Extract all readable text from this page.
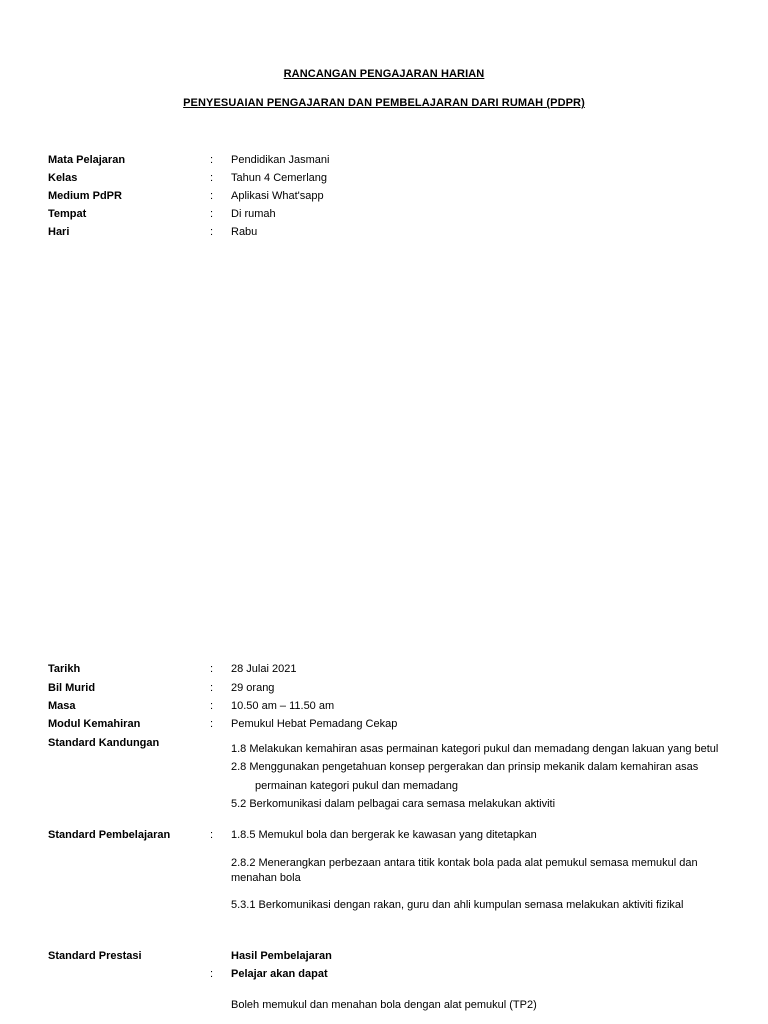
RANCANGAN PENGAJARAN HARIAN
PENYESUAIAN PENGAJARAN DAN PEMBELAJARAN DARI RUMAH (PDPR)
Mata Pelajaran	: Pendidikan Jasmani
Kelas	: Tahun 4 Cemerlang
Medium PdPR	: Aplikasi What'sapp
Tempat	: Di rumah
Hari	: Rabu
Tarikh	: 28 Julai 2021
Bil Murid	: 29 orang
Masa	: 10.50 am – 11.50 am
Modul Kemahiran	: Pemukul Hebat Pemadang Cekap
Standard Kandungan	1.8 Melakukan kemahiran asas permainan kategori pukul dan memadang dengan lakuan yang betul
2.8 Menggunakan pengetahuan konsep pergerakan dan prinsip mekanik dalam kemahiran asas
permainan kategori pukul dan memadang
5.2 Berkomunikasi dalam pelbagai cara semasa melakukan aktiviti
Standard Pembelajaran	: 1.8.5 Memukul bola dan bergerak ke kawasan yang ditetapkan
2.8.2 Menerangkan perbezaan antara titik kontak bola pada alat pemukul semasa memukul dan
menahan bola
5.3.1 Berkomunikasi dengan rakan, guru dan ahli kumpulan semasa melakukan aktiviti fizikal
Standard Prestasi	Hasil Pembelajaran
: Pelajar akan dapat
Boleh memukul dan menahan bola dengan alat pemukul (TP2)
